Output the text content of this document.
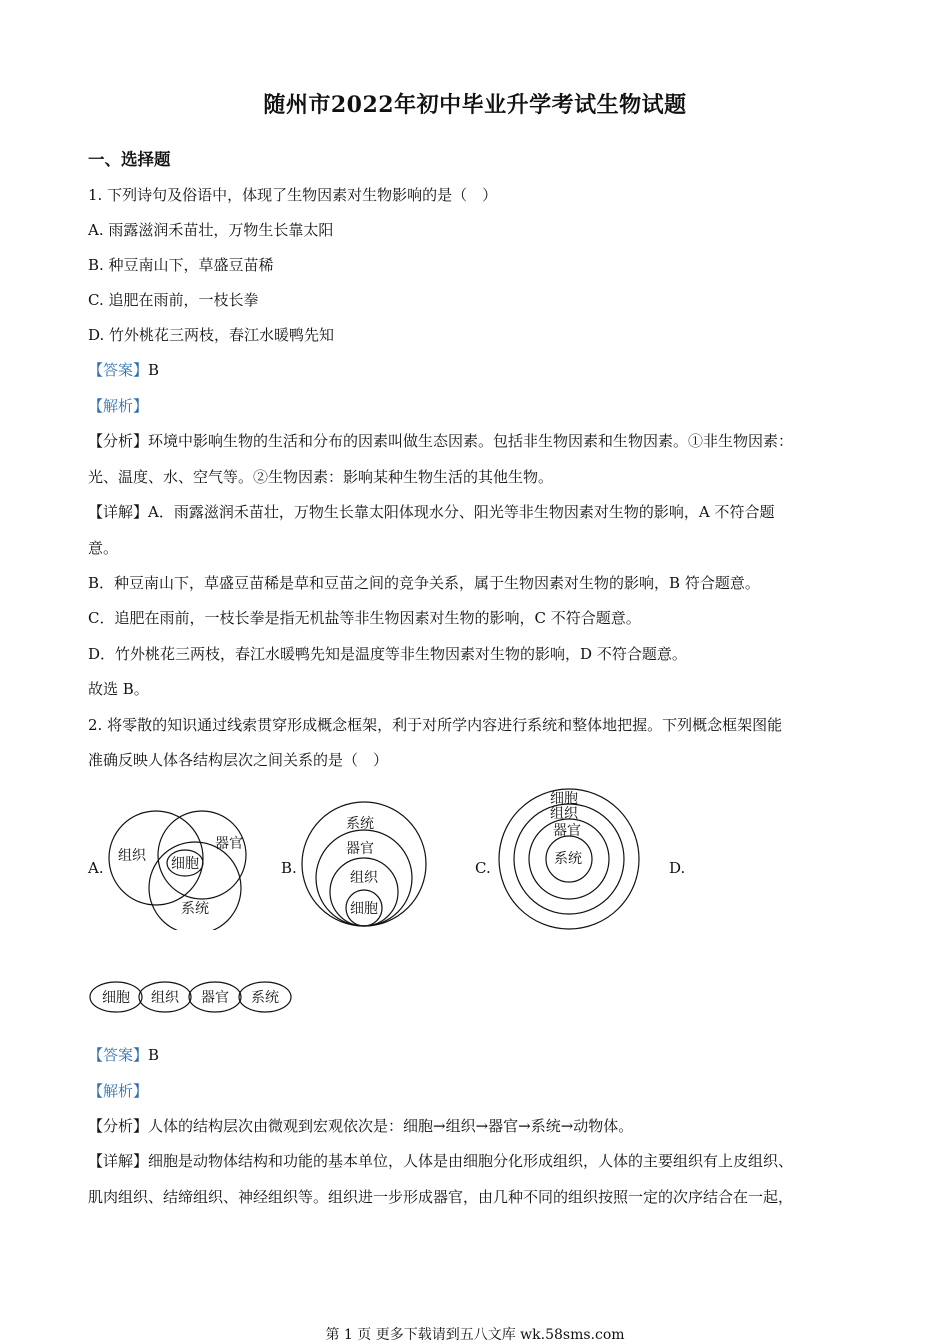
随州市2022年初中毕业升学考试生物试题
一、选择题
1. 下列诗句及俗语中，体现了生物因素对生物影响的是（　）
A. 雨露滋润禾苗壮，万物生长靠太阳
B. 种豆南山下，草盛豆苗稀
C. 追肥在雨前，一枝长拳
D. 竹外桃花三两枝，春江水暖鸭先知
【答案】B
【解析】
【分析】环境中影响生物的生活和分布的因素叫做生态因素。包括非生物因素和生物因素。①非生物因素：
光、温度、水、空气等。②生物因素：影响某种生物生活的其他生物。
【详解】A．雨露滋润禾苗壮，万物生长靠太阳体现水分、阳光等非生物因素对生物的影响，A 不符合题
意。
B．种豆南山下，草盛豆苗稀是草和豆苗之间的竞争关系，属于生物因素对生物的影响，B 符合题意。
C．追肥在雨前，一枝长拳是指无机盐等非生物因素对生物的影响，C 不符合题意。
D．竹外桃花三两枝，春江水暖鸭先知是温度等非生物因素对生物的影响，D 不符合题意。
故选 B。
2. 将零散的知识通过线索贯穿形成概念框架，利于对所学内容进行系统和整体地把握。下列概念框架图能
准确反映人体各结构层次之间关系的是（　）
A.	B.	C.	D.
组织 细胞
器官
系统
系统
器官
组织
细胞
细胞
组织
器官
系统
细胞 组织 器官 系统
【答案】B
【解析】
【分析】人体的结构层次由微观到宏观依次是：细胞→组织→器官→系统→动物体。
【详解】细胞是动物体结构和功能的基本单位，人体是由细胞分化形成组织，人体的主要组织有上皮组织、
肌肉组织、结缔组织、神经组织等。组织进一步形成器官，由几种不同的组织按照一定的次序结合在一起，
第 1 页 更多下载请到五八文库 wk.58sms.com
